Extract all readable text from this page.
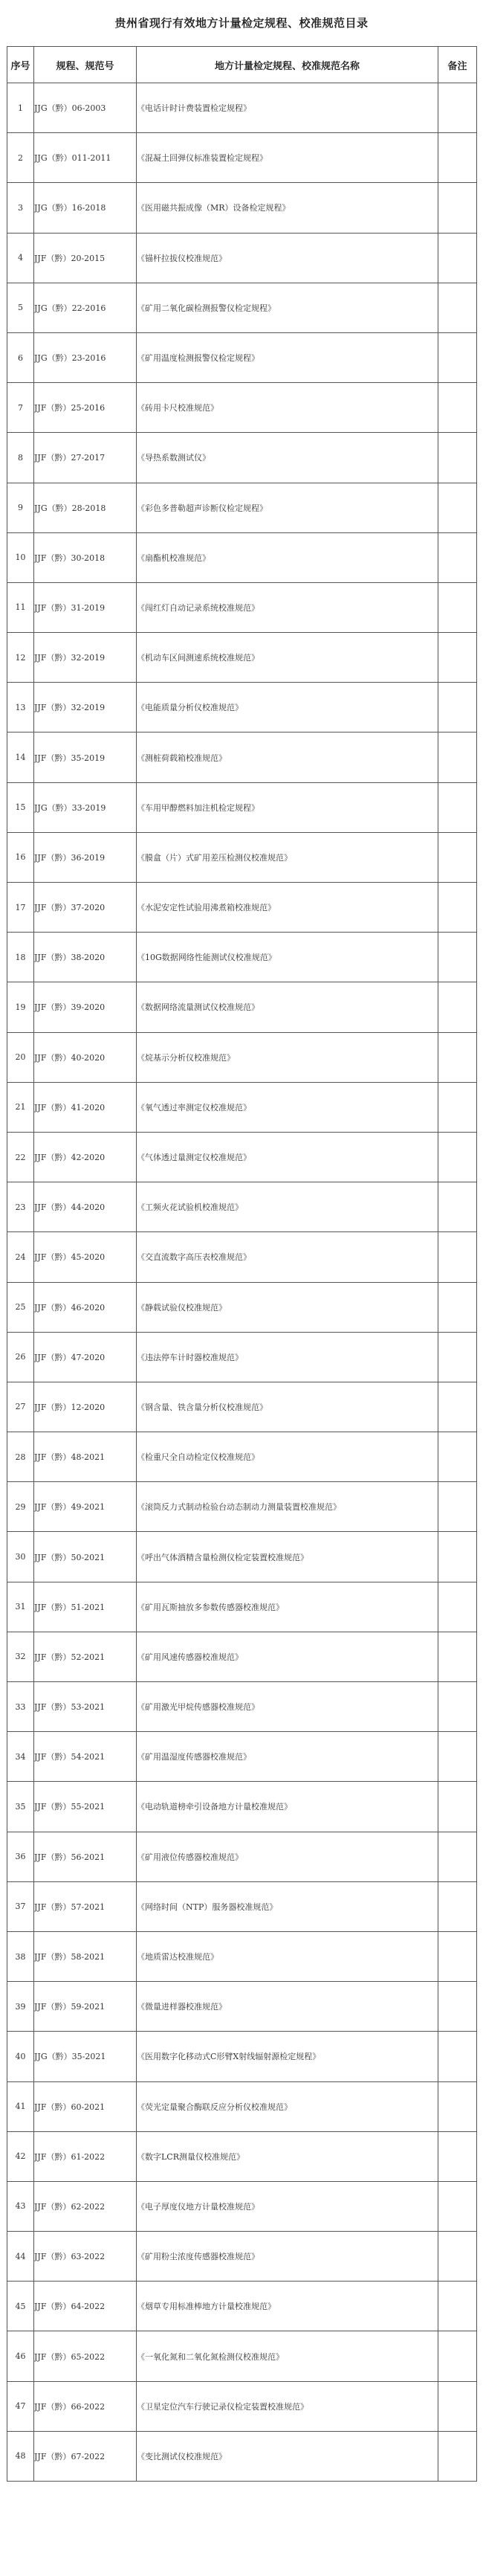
贵州省现行有效地方计量检定规程、校准规范目录
序号	规程、规范号	地方计量检定规程、校准规范名称	备注
1	JJG（黔）06-2003	《电话计时计费装置检定规程》	
2	JJG（黔）011-2011	《混凝土回弹仪标准装置检定规程》	
3	JJG（黔）16-2018	《医用磁共振成像（MR）设备检定规程》	
4	JJF（黔）20-2015	《锚杆拉拔仪校准规范》	
5	JJG（黔）22-2016	《矿用二氧化碳检测报警仪检定规程》	
6	JJG（黔）23-2016	《矿用温度检测报警仪检定规程》	
7	JJF（黔）25-2016	《砖用卡尺校准规范》	
8	JJF（黔）27-2017	《导热系数测试仪》	
9	JJG（黔）28-2018	《彩色多普勒超声诊断仪检定规程》	
10	JJF（黔）30-2018	《扇酯机校准规范》	
11	JJF（黔）31-2019	《闯红灯自动记录系统校准规范》	
12	JJF（黔）32-2019	《机动车区间测速系统校准规范》	
13	JJF（黔）32-2019	《电能质量分析仪校准规范》	
14	JJF（黔）35-2019	《测桩荷载箱校准规范》	
15	JJG（黔）33-2019	《车用甲醇燃料加注机检定规程》	
16	JJF（黔）36-2019	《膜盒（片）式矿用差压检测仪校准规范》	
17	JJF（黔）37-2020	《水泥安定性试验用沸煮箱校准规范》	
18	JJF（黔）38-2020	《10G数据网络性能测试仪校准规范》	
19	JJF（黔）39-2020	《数据网络流量测试仪校准规范》	
20	JJF（黔）40-2020	《烷基示分析仪校准规范》	
21	JJF（黔）41-2020	《氧气透过率测定仪校准规范》	
22	JJF（黔）42-2020	《气体透过量测定仪校准规范》	
23	JJF（黔）44-2020	《工频火花试验机校准规范》	
24	JJF（黔）45-2020	《交直流数字高压表校准规范》	
25	JJF（黔）46-2020	《静载试验仪校准规范》	
26	JJF（黔）47-2020	《违法停车计时器校准规范》	
27	JJF（黔）12-2020	《钢含量、铁含量分析仪校准规范》	
28	JJF（黔）48-2021	《检重尺全自动检定仪校准规范》	
29	JJF（黔）49-2021	《滚筒反力式制动检验台动态制动力测量装置校准规范》	
30	JJF（黔）50-2021	《呼出气体酒精含量检测仪检定装置校准规范》	
31	JJF（黔）51-2021	《矿用瓦斯抽放多参数传感器校准规范》	
32	JJF（黔）52-2021	《矿用风速传感器校准规范》	
33	JJF（黔）53-2021	《矿用激光甲烷传感器校准规范》	
34	JJF（黔）54-2021	《矿用温湿度传感器校准规范》	
35	JJF（黔）55-2021	《电动轨道榜牵引设备地方计量校准规范》	
36	JJF（黔）56-2021	《矿用液位传感器校准规范》	
37	JJF（黔）57-2021	《网络时间（NTP）服务器校准规范》	
38	JJF（黔）58-2021	《地质雷达校准规范》	
39	JJF（黔）59-2021	《微量进样器校准规范》	
40	JJG（黔）35-2021	《医用数字化移动式C形臂X射线辐射源检定规程》	
41	JJF（黔）60-2021	《荧光定量聚合酶联反应分析仪校准规范》	
42	JJF（黔）61-2022	《数字LCR测量仪校准规范》	
43	JJF（黔）62-2022	《电子厚度仪地方计量校准规范》	
44	JJF（黔）63-2022	《矿用粉尘浓度传感器校准规范》	
45	JJF（黔）64-2022	《烟草专用标准棒地方计量校准规范》	
46	JJF（黔）65-2022	《一氧化氮和二氧化氮检测仪校准规范》	
47	JJF（黔）66-2022	《卫星定位汽车行驶记录仪检定装置校准规范》	
48	JJF（黔）67-2022	《变比测试仪校准规范》	
